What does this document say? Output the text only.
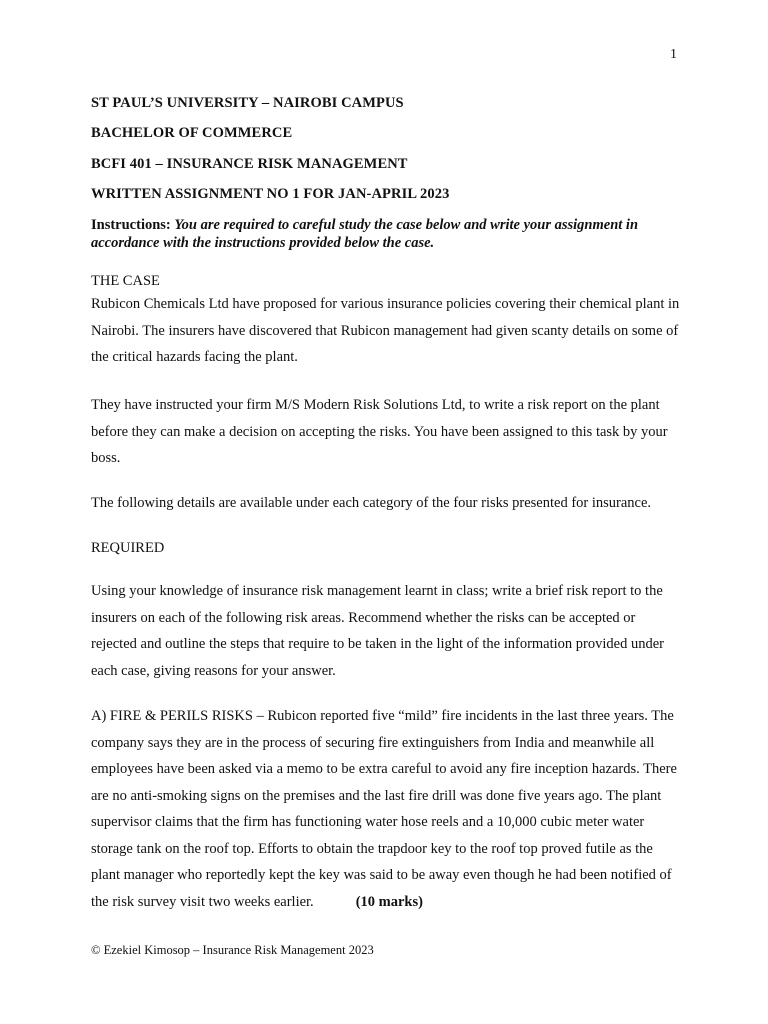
1
ST PAUL’S UNIVERSITY – NAIROBI CAMPUS
BACHELOR OF COMMERCE
BCFI 401 – INSURANCE RISK MANAGEMENT
WRITTEN ASSIGNMENT NO 1 FOR JAN-APRIL 2023
Instructions: You are required to careful study the case below and write your assignment in accordance with the instructions provided below the case.
THE CASE
Rubicon Chemicals Ltd have proposed for various insurance policies covering their chemical plant in Nairobi. The insurers have discovered that Rubicon management had given scanty details on some of the critical hazards facing the plant.
They have instructed your firm M/S Modern Risk Solutions Ltd, to write a risk report on the plant before they can make a decision on accepting the risks. You have been assigned to this task by your boss.
The following details are available under each category of the four risks presented for insurance.
REQUIRED
Using your knowledge of insurance risk management learnt in class; write a brief risk report to the insurers on each of the following risk areas. Recommend whether the risks can be accepted or rejected and outline the steps that require to be taken in the light of the information provided under each case, giving reasons for your answer.
A) FIRE & PERILS RISKS – Rubicon reported five “mild” fire incidents in the last three years. The company says they are in the process of securing fire extinguishers from India and meanwhile all employees have been asked via a memo to be extra careful to avoid any fire inception hazards. There are no anti-smoking signs on the premises and the last fire drill was done five years ago. The plant supervisor claims that the firm has functioning water hose reels and a 10,000 cubic meter water storage tank on the roof top. Efforts to obtain the trapdoor key to the roof top proved futile as the plant manager who reportedly kept the key was said to be away even though he had been notified of the risk survey visit two weeks earlier.	(10 marks)
© Ezekiel Kimosop – Insurance Risk Management 2023
